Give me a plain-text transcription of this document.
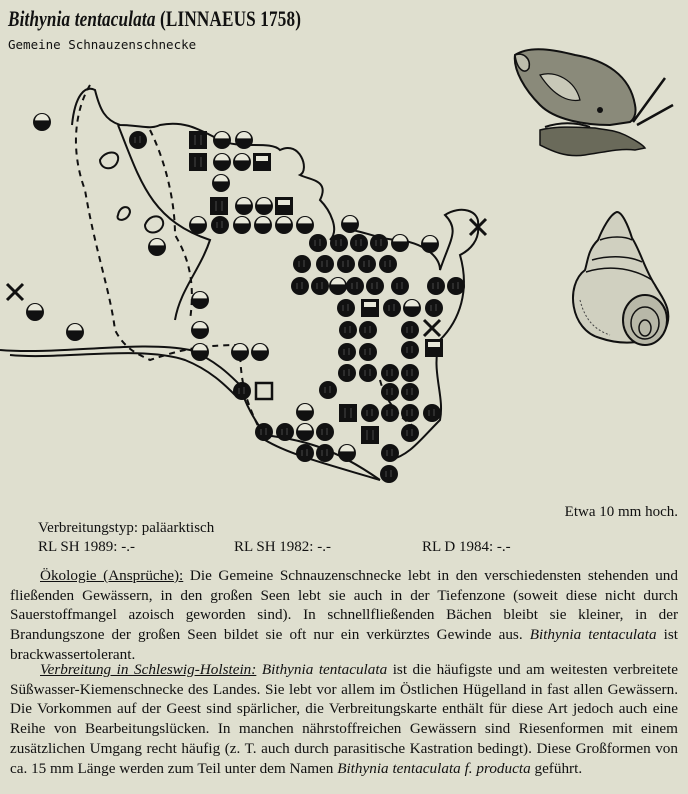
Bithynia tentaculata (LINNAEUS 1758)
Gemeine Schnauzenschnecke
Etwa 10 mm hoch.
Verbreitungstyp: paläarktisch
RL SH 1989: -.-	RL SH 1982: -.-	RL D 1984: -.-
Ökologie (Ansprüche): Die Gemeine Schnauzenschnecke lebt in den verschiedensten stehenden und fließenden Gewässern, in den großen Seen lebt sie auch in der Tiefenzone (soweit diese nicht durch Sauerstoffmangel azoisch geworden sind). In schnellfließenden Bächen bleibt sie kleiner, in der Brandungszone der großen Seen bildet sie oft nur ein verkürztes Gewinde aus. Bithynia tentaculata ist brackwassertolerant.
Verbreitung in Schleswig-Holstein: Bithynia tentaculata ist die häufigste und am weitesten verbreitete Süßwasser-Kiemenschnecke des Landes. Sie lebt vor allem im Östlichen Hügelland in fast allen Gewässern. Die Vorkommen auf der Geest sind spärlicher, die Verbreitungskarte enthält für diese Art jedoch auch eine Reihe von Bearbeitungslücken. In manchen nährstoffreichen Gewässern sind Riesenformen mit einem zusätzlichen Umgang recht häufig (z. T. auch durch parasitische Kastration bedingt). Diese Großformen von ca. 15 mm Länge werden zum Teil unter dem Namen Bithynia tentaculata f. producta geführt.
